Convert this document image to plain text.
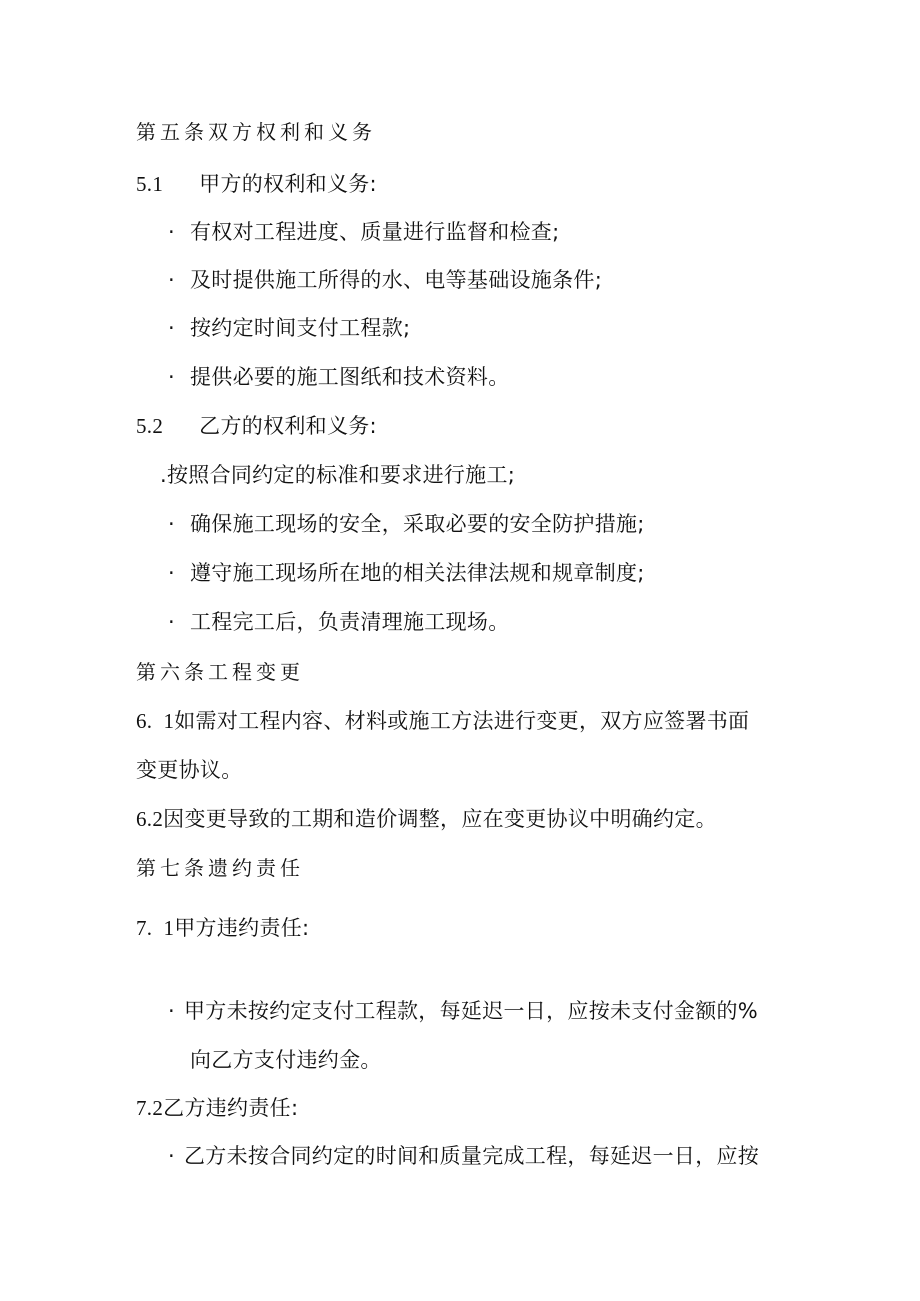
第五条双方权利和义务
5.1 甲方的权利和义务:
· 有权对工程进度、质量进行监督和检查;
· 及时提供施工所得的水、电等基础设施条件;
· 按约定时间支付工程款;
· 提供必要的施工图纸和技术资料。
5.2 乙方的权利和义务:
.按照合同约定的标准和要求进行施工;
· 确保施工现场的安全，采取必要的安全防护措施;
· 遵守施工现场所在地的相关法律法规和规章制度;
· 工程完工后，负责清理施工现场。
第六条工程变更
6.  1如需对工程内容、材料或施工方法进行变更，双方应签署书面
变更协议。
6.2因变更导致的工期和造价调整，应在变更协议中明确约定。
第七条遗约责任
7.  1甲方违约责任:
· 甲方未按约定支付工程款，每延迟一日，应按未支付金额的%
向乙方支付违约金。
7.2乙方违约责任:
· 乙方未按合同约定的时间和质量完成工程，每延迟一日，应按
